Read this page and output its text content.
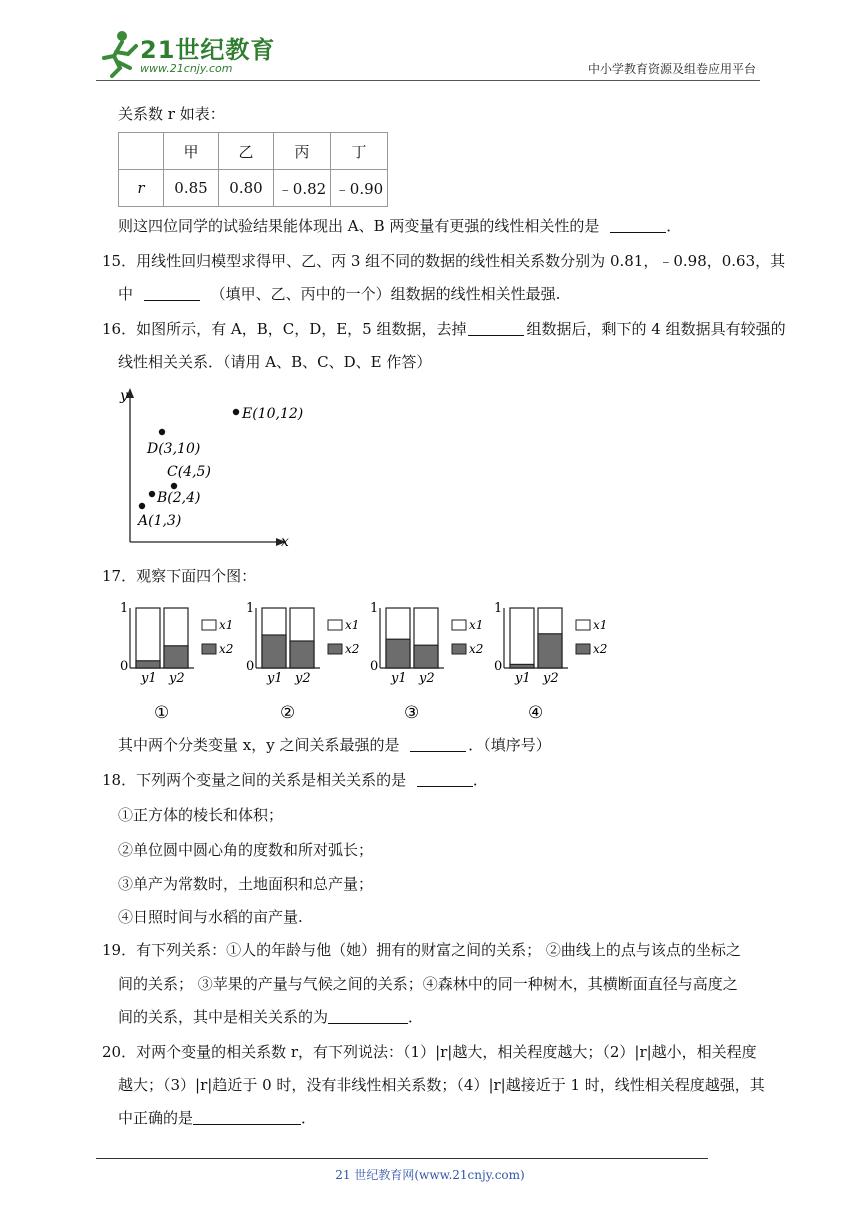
21世纪教育
www.21cnjy.com	中小学教育资源及组卷应用平台
关系数 r 如表：
	甲	乙	丙	丁
r	0.85	0.80	﹣0.82	﹣0.90
则这四位同学的试验结果能体现出 A、B 两变量有更强的线性相关性的是	．
15．用线性回归模型求得甲、乙、丙 3 组不同的数据的线性相关系数分别为 0.81，﹣0.98，0.63，其
中	（填甲、乙、丙中的一个）组数据的线性相关性最强.
16．如图所示，有 A，B，C，D，E，5 组数据，去掉	组数据后，剩下的 4 组数据具有较强的
线性相关关系．（请用 A、B、C、D、E 作答）
y
x
A(1,3)
B(2,4)
C(4,5)
D(3,10)
E(10,12)
17．观察下面四个图：
1
0
y1 y2
x1
x2
①
1
0
y1 y2
x1
x2
②
1
0
y1 y2
x1
x2
③
1
0
y1 y2
x1
x2
④
其中两个分类变量 x，y 之间关系最强的是	．（填序号）
18．下列两个变量之间的关系是相关关系的是	．
①正方体的棱长和体积；
②单位圆中圆心角的度数和所对弧长；
③单产为常数时，土地面积和总产量；
④日照时间与水稻的亩产量.
19．有下列关系：①人的年龄与他（她）拥有的财富之间的关系； ②曲线上的点与该点的坐标之
间的关系； ③苹果的产量与气候之间的关系；④森林中的同一种树木，其横断面直径与高度之
间的关系，其中是相关关系的为	．
20．对两个变量的相关系数 r，有下列说法：（1）|r|越大，相关程度越大；（2）|r|越小，相关程度
越大；（3）|r|趋近于 0 时，没有非线性相关系数；（4）|r|越接近于 1 时，线性相关程度越强，其
中正确的是	．
21 世纪教育网(www.21cnjy.com)
